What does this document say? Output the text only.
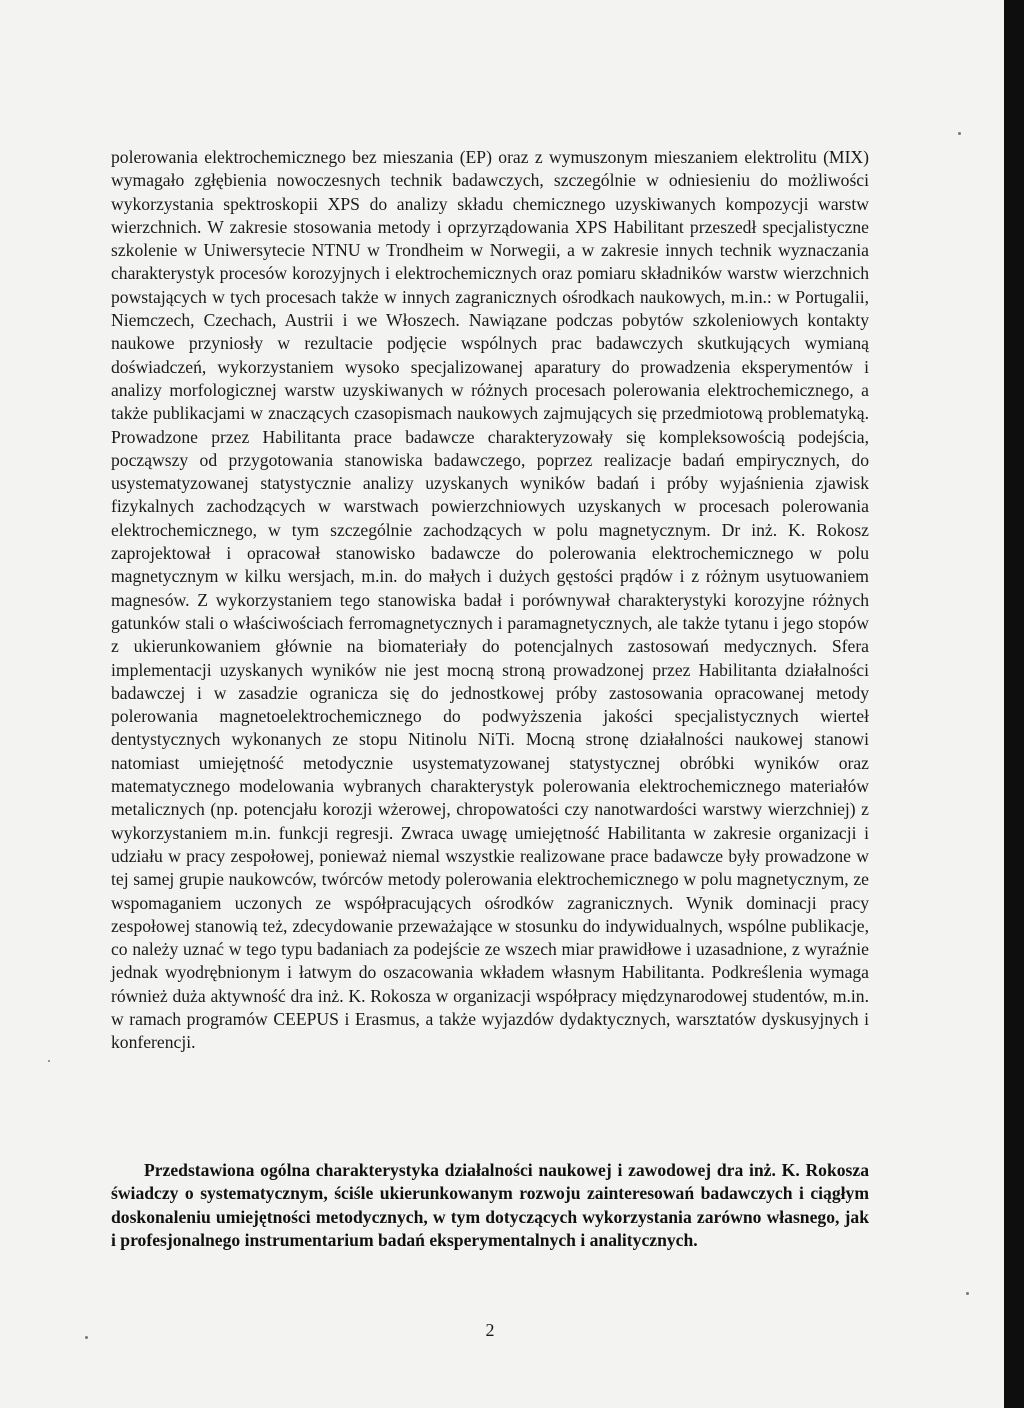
polerowania elektrochemicznego bez mieszania (EP) oraz z wymuszonym mieszaniem elektrolitu (MIX) wymagało zgłębienia nowoczesnych technik badawczych, szczególnie w odniesieniu do możliwości wykorzystania spektroskopii XPS do analizy składu chemicznego uzyskiwanych kompozycji warstw wierzchnich. W zakresie stosowania metody i oprzyrządowania XPS Habilitant przeszedł specjalistyczne szkolenie w Uniwersytecie NTNU w Trondheim w Norwegii, a w zakresie innych technik wyznaczania charakterystyk procesów korozyjnych i elektrochemicznych oraz pomiaru składników warstw wierzchnich powstających w tych procesach także w innych zagranicznych ośrodkach naukowych, m.in.: w Portugalii, Niemczech, Czechach, Austrii i we Włoszech. Nawiązane podczas pobytów szkoleniowych kontakty naukowe przyniosły w rezultacie podjęcie wspólnych prac badawczych skutkujących wymianą doświadczeń, wykorzystaniem wysoko specjalizowanej aparatury do prowadzenia eksperymentów i analizy morfologicznej warstw uzyskiwanych w różnych procesach polerowania elektrochemicznego, a także publikacjami w znaczących czasopismach naukowych zajmujących się przedmiotową problematyką. Prowadzone przez Habilitanta prace badawcze charakteryzowały się kompleksowością podejścia, począwszy od przygotowania stanowiska badawczego, poprzez realizacje badań empirycznych, do usystematyzowanej statystycznie analizy uzyskanych wyników badań i próby wyjaśnienia zjawisk fizykalnych zachodzących w warstwach powierzchniowych uzyskanych w procesach polerowania elektrochemicznego, w tym szczególnie zachodzących w polu magnetycznym. Dr inż. K. Rokosz zaprojektował i opracował stanowisko badawcze do polerowania elektrochemicznego w polu magnetycznym w kilku wersjach, m.in. do małych i dużych gęstości prądów i z różnym usytuowaniem magnesów. Z wykorzystaniem tego stanowiska badał i porównywał charakterystyki korozyjne różnych gatunków stali o właściwościach ferromagnetycznych i paramagnetycznych, ale także tytanu i jego stopów z ukierunkowaniem głównie na biomateriały do potencjalnych zastosowań medycznych. Sfera implementacji uzyskanych wyników nie jest mocną stroną prowadzonej przez Habilitanta działalności badawczej i w zasadzie ogranicza się do jednostkowej próby zastosowania opracowanej metody polerowania magnetoelektrochemicznego do podwyższenia jakości specjalistycznych wierteł dentystycznych wykonanych ze stopu Nitinolu NiTi. Mocną stronę działalności naukowej stanowi natomiast umiejętność metodycznie usystematyzowanej statystycznej obróbki wyników oraz matematycznego modelowania wybranych charakterystyk polerowania elektrochemicznego materiałów metalicznych (np. potencjału korozji wżerowej, chropowatości czy nanotwardości warstwy wierzchniej) z wykorzystaniem m.in. funkcji regresji. Zwraca uwagę umiejętność Habilitanta w zakresie organizacji i udziału w pracy zespołowej, ponieważ niemal wszystkie realizowane prace badawcze były prowadzone w tej samej grupie naukowców, twórców metody polerowania elektrochemicznego w polu magnetycznym, ze wspomaganiem uczonych ze współpracujących ośrodków zagranicznych. Wynik dominacji pracy zespołowej stanowią też, zdecydowanie przeważające w stosunku do indywidualnych, wspólne publikacje, co należy uznać w tego typu badaniach za podejście ze wszech miar prawidłowe i uzasadnione, z wyraźnie jednak wyodrębnionym i łatwym do oszacowania wkładem własnym Habilitanta. Podkreślenia wymaga również duża aktywność dra inż. K. Rokosza w organizacji współpracy międzynarodowej studentów, m.in. w ramach programów CEEPUS i Erasmus, a także wyjazdów dydaktycznych, warsztatów dyskusyjnych i konferencji.

Przedstawiona ogólna charakterystyka działalności naukowej i zawodowej dra inż. K. Rokosza świadczy o systematycznym, ściśle ukierunkowanym rozwoju zainteresowań badawczych i ciągłym doskonaleniu umiejętności metodycznych, w tym dotyczących wykorzystania zarówno własnego, jak i profesjonalnego instrumentarium badań eksperymentalnych i analitycznych.

2
